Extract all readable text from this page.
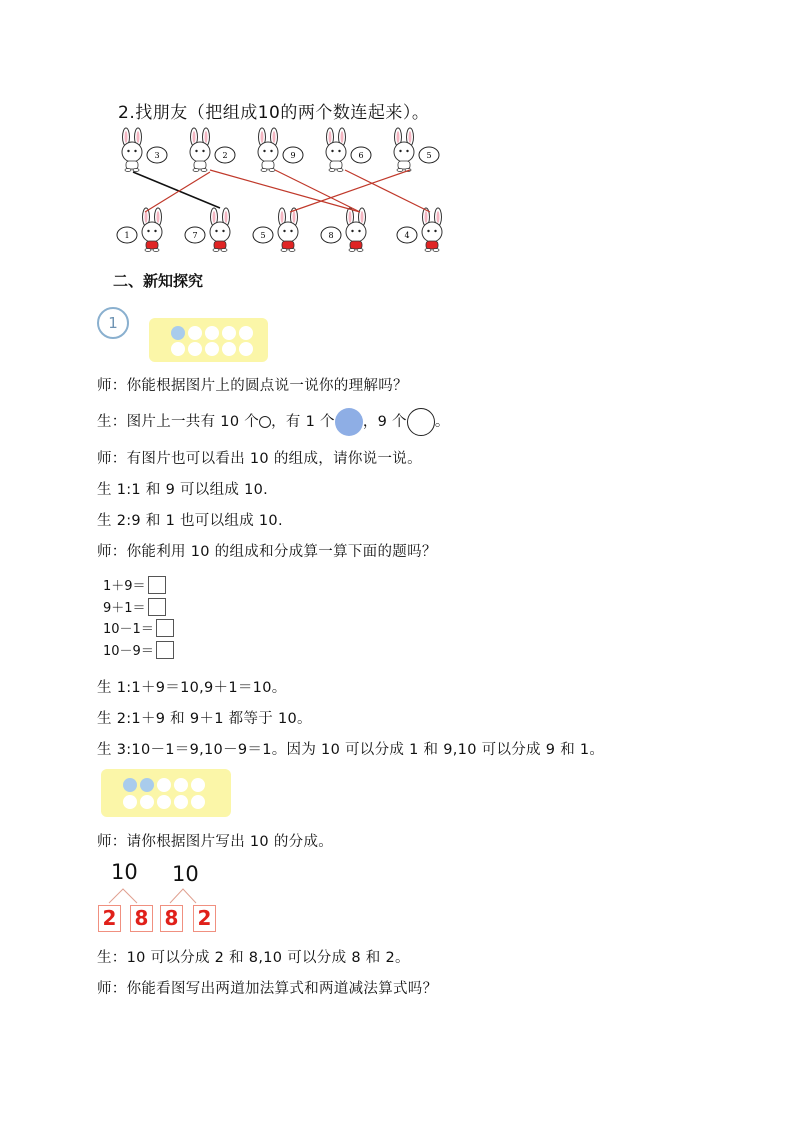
2.找朋友（把组成10的两个数连起来）。
3	2	9	6	5
1	7	5	8	4
二、新知探究
1
师：你能根据图片上的圆点说一说你的理解吗？
生：图片上一共有 10 个 ，有 1 个 ，9 个 。
师：有图片也可以看出 10 的组成，请你说一说。
生 1:1 和 9 可以组成 10.
生 2:9 和 1 也可以组成 10.
师：你能利用 10 的组成和分成算一算下面的题吗？
1＋9＝
9＋1＝
10－1＝
10－9＝
生 1:1＋9＝10,9＋1＝10。
生 2:1＋9 和 9＋1 都等于 10。
生 3:10－1＝9,10－9＝1。因为 10 可以分成 1 和 9,10 可以分成 9 和 1。
师：请你根据图片写出 10 的分成。
10 10
2 8 8 2
生：10 可以分成 2 和 8,10 可以分成 8 和 2。
师：你能看图写出两道加法算式和两道减法算式吗？
